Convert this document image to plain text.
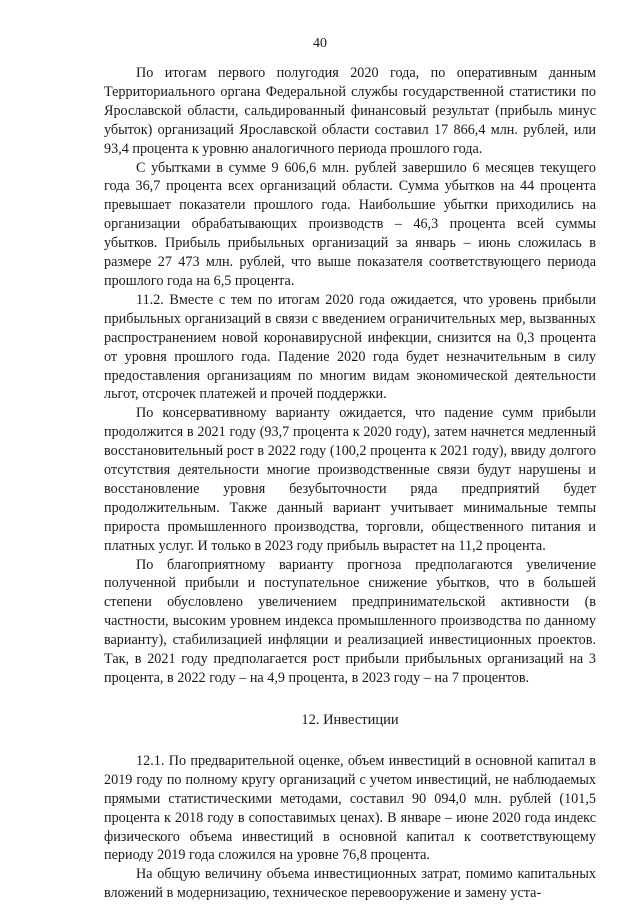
40

По итогам первого полугодия 2020 года, по оперативным данным Территориального органа Федеральной службы государственной статистики по Ярославской области, сальдированный финансовый результат (прибыль минус убыток) организаций Ярославской области составил 17 866,4 млн. рублей, или 93,4 процента к уровню аналогичного периода прошлого года.

С убытками в сумме 9 606,6 млн. рублей завершило 6 месяцев текущего года 36,7 процента всех организаций области. Сумма убытков на 44 процента превышает показатели прошлого года. Наибольшие убытки приходились на организации обрабатывающих производств – 46,3 процента всей суммы убытков. Прибыль прибыльных организаций за январь – июнь сложилась в размере 27 473 млн. рублей, что выше показателя соответствующего периода прошлого года на 6,5 процента.

11.2. Вместе с тем по итогам 2020 года ожидается, что уровень прибыли прибыльных организаций в связи с введением ограничительных мер, вызванных распространением новой коронавирусной инфекции, снизится на 0,3 процента от уровня прошлого года. Падение 2020 года будет незначительным в силу предоставления организациям по многим видам экономической деятельности льгот, отсрочек платежей и прочей поддержки.

По консервативному варианту ожидается, что падение сумм прибыли продолжится в 2021 году (93,7 процента к 2020 году), затем начнется медленный восстановительный рост в 2022 году (100,2 процента к 2021 году), ввиду долгого отсутствия деятельности многие производственные связи будут нарушены и восстановление уровня безубыточности ряда предприятий будет продолжительным. Также данный вариант учитывает минимальные темпы прироста промышленного производства, торговли, общественного питания и платных услуг. И только в 2023 году прибыль вырастет на 11,2 процента.

По благоприятному варианту прогноза предполагаются увеличение полученной прибыли и поступательное снижение убытков, что в большей степени обусловлено увеличением предпринимательской активности (в частности, высоким уровнем индекса промышленного производства по данному варианту), стабилизацией инфляции и реализацией инвестиционных проектов. Так, в 2021 году предполагается рост прибыли прибыльных организаций на 3 процента, в 2022 году – на 4,9 процента, в 2023 году – на 7 процентов.

12. Инвестиции

12.1. По предварительной оценке, объем инвестиций в основной капитал в 2019 году по полному кругу организаций с учетом инвестиций, не наблюдаемых прямыми статистическими методами, составил 90 094,0 млн. рублей (101,5 процента к 2018 году в сопоставимых ценах). В январе – июне 2020 года индекс физического объема инвестиций в основной капитал к соответствующему периоду 2019 года сложился на уровне 76,8 процента.

На общую величину объема инвестиционных затрат, помимо капитальных вложений в модернизацию, техническое перевооружение и замену уста-
